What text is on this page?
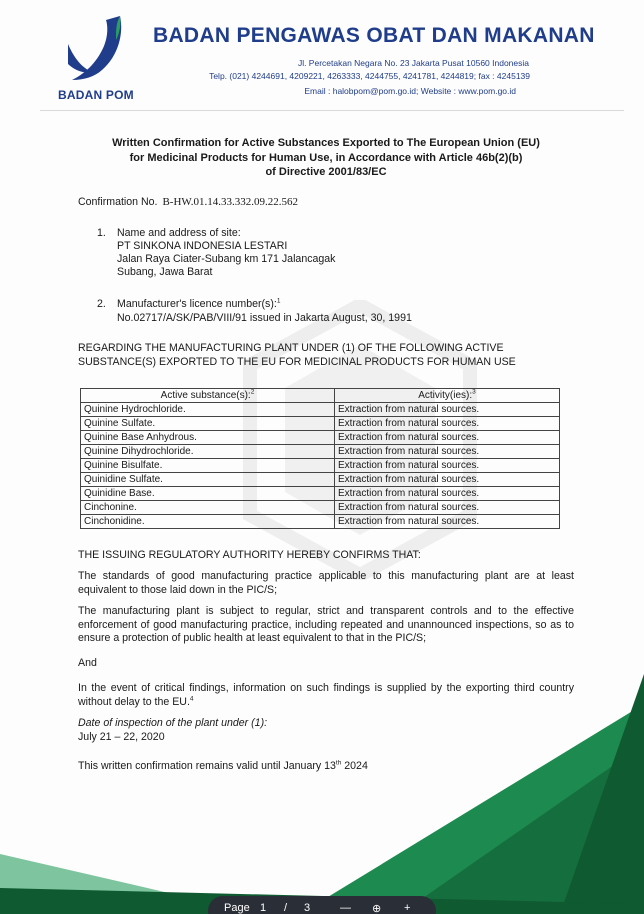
BADAN POM
BADAN PENGAWAS OBAT DAN MAKANAN
Jl. Percetakan Negara No. 23 Jakarta Pusat 10560 Indonesia
Telp. (021) 4244691, 4209221, 4263333, 4244755, 4241781, 4244819; fax : 4245139
Email : halobpom@pom.go.id; Website : www.pom.go.id
Written Confirmation for Active Substances Exported to The European Union (EU)
for Medicinal Products for Human Use, in Accordance with Article 46b(2)(b)
of Directive 2001/83/EC
Confirmation No. B-HW.01.14.33.332.09.22.562
1. Name and address of site:
PT SINKONA INDONESIA LESTARI
Jalan Raya Ciater-Subang km 171 Jalancagak
Subang, Jawa Barat
2. Manufacturer's licence number(s):$^1$
No.02717/A/SK/PAB/VIII/91 issued in Jakarta August, 30, 1991
REGARDING THE MANUFACTURING PLANT UNDER (1) OF THE FOLLOWING ACTIVE SUBSTANCE(S) EXPORTED TO THE EU FOR MEDICINAL PRODUCTS FOR HUMAN USE
Active substance(s):$^2$	Activity(ies):$^3$
Quinine Hydrochloride.	Extraction from natural sources.
Quinine Sulfate.	Extraction from natural sources.
Quinine Base Anhydrous.	Extraction from natural sources.
Quinine Dihydrochloride.	Extraction from natural sources.
Quinine Bisulfate.	Extraction from natural sources.
Quinidine Sulfate.	Extraction from natural sources.
Quinidine Base.	Extraction from natural sources.
Cinchonine.	Extraction from natural sources.
Cinchonidine.	Extraction from natural sources.
THE ISSUING REGULATORY AUTHORITY HEREBY CONFIRMS THAT:
The standards of good manufacturing practice applicable to this manufacturing plant are at least equivalent to those laid down in the PIC/S;
The manufacturing plant is subject to regular, strict and transparent controls and to the effective enforcement of good manufacturing practice, including repeated and unannounced inspections, so as to ensure a protection of public health at least equivalent to that in the PIC/S;
And
In the event of critical findings, information on such findings is supplied by the exporting third country without delay to the EU.$^4$
Date of inspection of the plant under (1):
July 21 – 22, 2020
This written confirmation remains valid until January 13th 2024
Page 1 / 3	— ⊕ +
